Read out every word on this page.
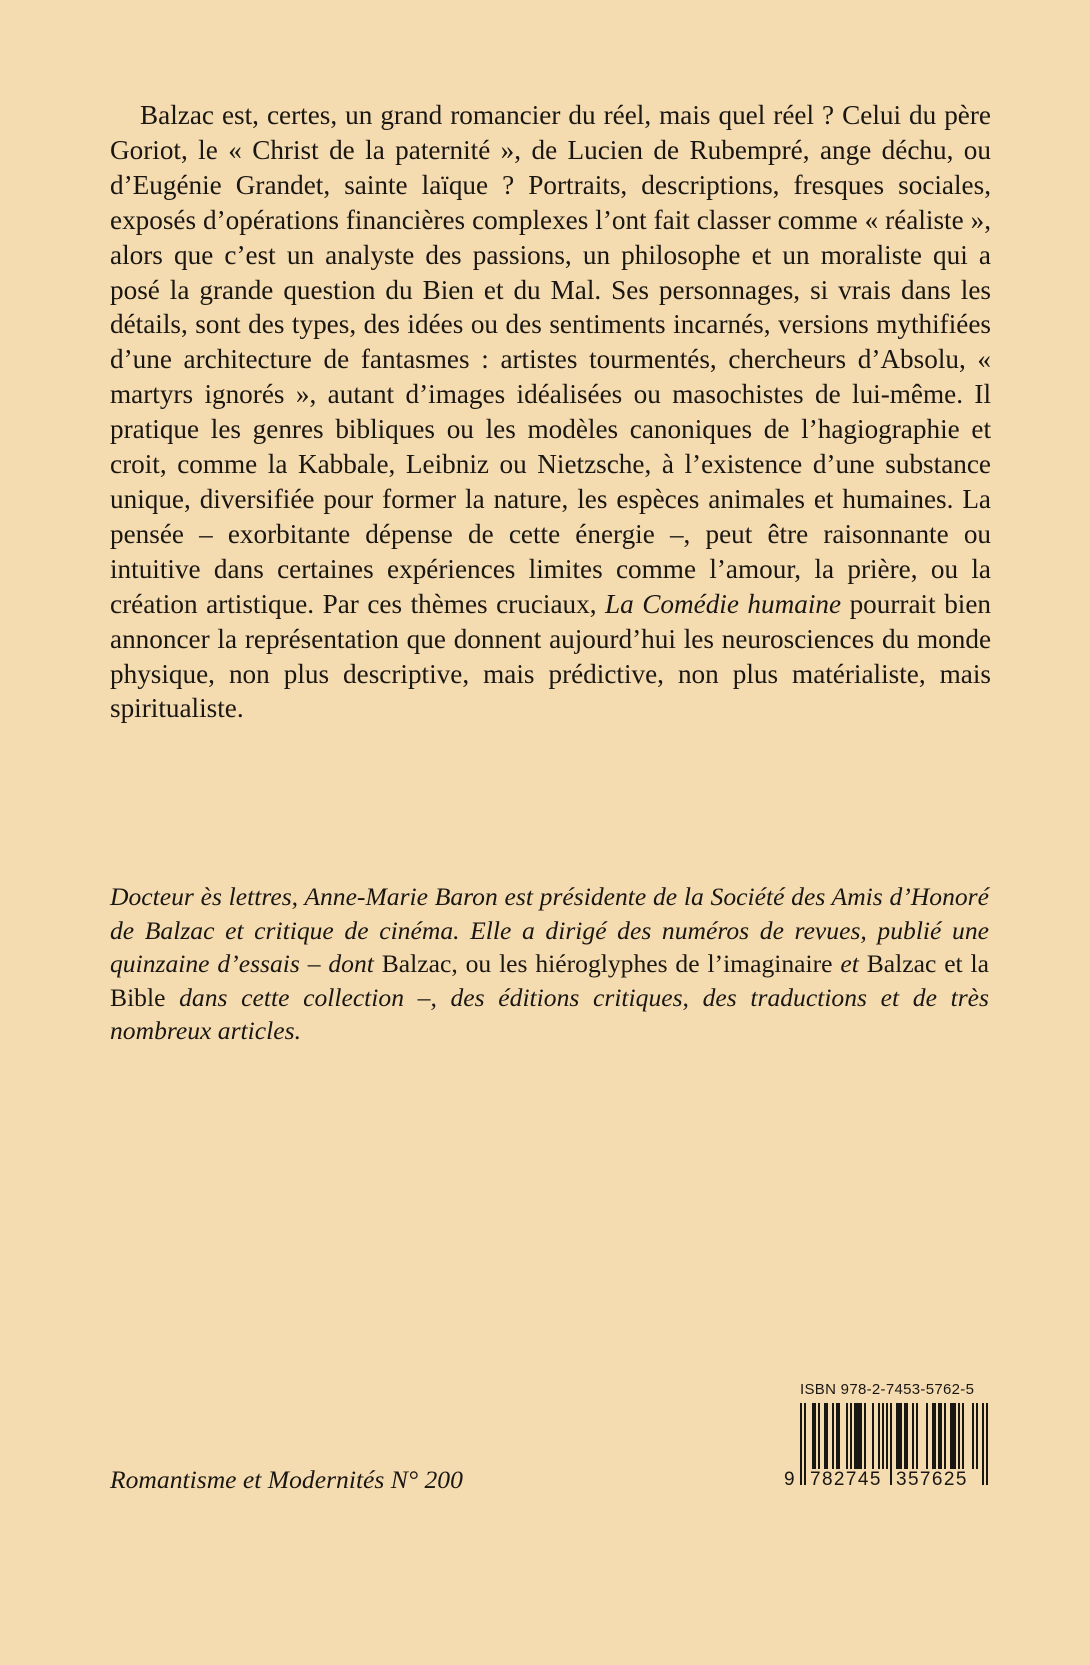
Balzac est, certes, un grand romancier du réel, mais quel réel ? Celui du père Goriot, le « Christ de la paternité », de Lucien de Rubempré, ange déchu, ou d’Eugénie Grandet, sainte laïque ? Portraits, descriptions, fresques sociales, exposés d’opérations financières complexes l’ont fait classer comme « réaliste », alors que c’est un analyste des passions, un philosophe et un moraliste qui a posé la grande question du Bien et du Mal. Ses personnages, si vrais dans les détails, sont des types, des idées ou des sentiments incarnés, versions mythifiées d’une architecture de fantasmes : artistes tourmentés, chercheurs d’Absolu, « martyrs ignorés », autant d’images idéalisées ou masochistes de lui-même. Il pratique les genres bibliques ou les modèles canoniques de l’hagiographie et croit, comme la Kabbale, Leibniz ou Nietzsche, à l’existence d’une substance unique, diversifiée pour former la nature, les espèces animales et humaines. La pensée – exorbitante dépense de cette énergie –, peut être raisonnante ou intuitive dans certaines expériences limites comme l’amour, la prière, ou la création artistique. Par ces thèmes cruciaux, La Comédie humaine pourrait bien annoncer la représentation que donnent aujourd’hui les neurosciences du monde physique, non plus descriptive, mais prédictive, non plus matérialiste, mais spiritualiste.

Docteur ès lettres, Anne-Marie Baron est présidente de la Société des Amis d’Honoré de Balzac et critique de cinéma. Elle a dirigé des numéros de revues, publié une quinzaine d’essais – dont Balzac, ou les hiéroglyphes de l’imaginaire et Balzac et la Bible dans cette collection –, des éditions critiques, des traductions et de très nombreux articles.

Romantisme et Modernités N° 200
ISBN 978-2-7453-5762-5
9 782745 357625
